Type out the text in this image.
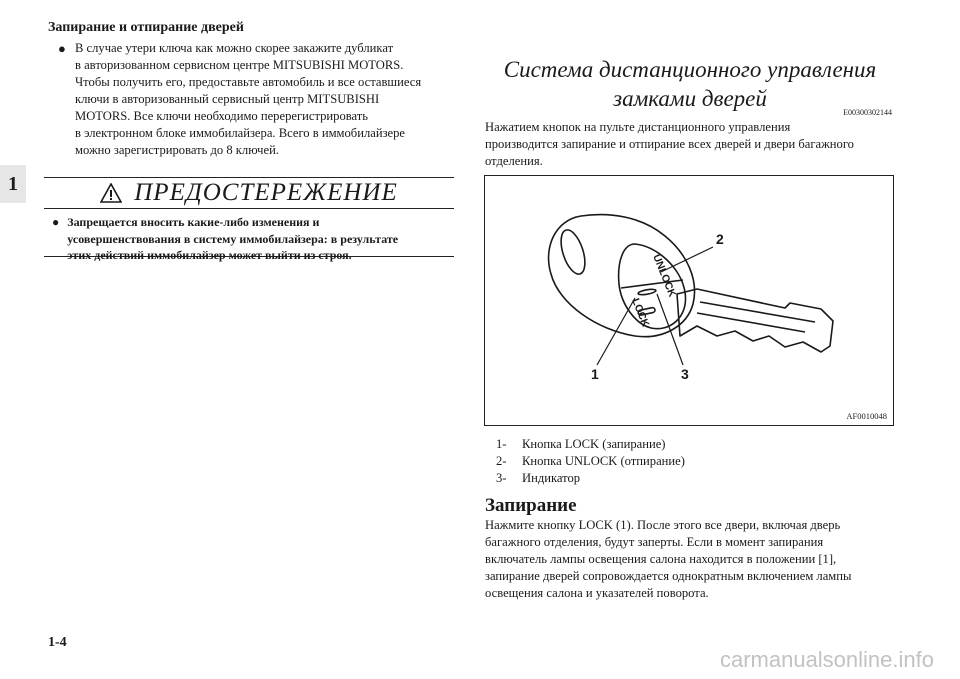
Запирание и отпирание дверей
1
● В случае утери ключа как можно скорее закажите дубликат

в авторизованном сервисном центре MITSUBISHI MOTORS.

Чтобы получить его, предоставьте автомобиль и все оставшиеся

ключи в авторизованный сервисный центр MITSUBISHI

MOTORS. Все ключи необходимо перерегистрировать

в электронном блоке иммобилайзера. Всего в иммобилайзере

можно зарегистрировать до 8 ключей.

ПРЕДОСТЕРЕЖЕНИЕ
● Запрещается вносить какие-либо изменения и

усовершенствования в систему иммобилайзера: в результате

этих действий иммобилайзер может выйти из строя.

Система дистанционного управления

замками дверей

E00300302144

Нажатием кнопок на пульте дистанционного управления

производится запирание и отпирание всех дверей и двери багажного

отделения.

UNLOCK
LOCK
1
2
3
AF0010048
1-	Кнопка LOCK (запирание)
2-	Кнопка UNLOCK (отпирание)
3-	Индикатор
Запирание

Нажмите кнопку LOCK (1). После этого все двери, включая дверь

багажного отделения, будут заперты. Если в момент запирания

включатель лампы освещения салона находится в положении [1],

запирание дверей сопровождается однократным включением лампы

освещения салона и указателей поворота.

1-4
carmanualsonline.info
